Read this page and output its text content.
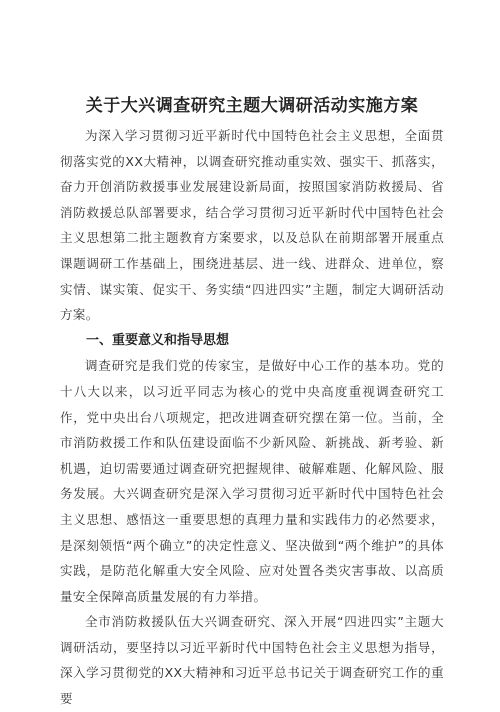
关于大兴调查研究主题大调研活动实施方案

为深入学习贯彻习近平新时代中国特色社会主义思想，全面贯彻落实党的XX大精神，以调查研究推动重实效、强实干、抓落实，奋力开创消防救援事业发展建设新局面，按照国家消防救援局、省消防救援总队部署要求，结合学习贯彻习近平新时代中国特色社会主义思想第二批主题教育方案要求，以及总队在前期部署开展重点课题调研工作基础上，围绕进基层、进一线、进群众、进单位，察实情、谋实策、促实干、务实绩“四进四实”主题，制定大调研活动方案。

一、重要意义和指导思想

调查研究是我们党的传家宝，是做好中心工作的基本功。党的十八大以来，以习近平同志为核心的党中央高度重视调查研究工作，党中央出台八项规定，把改进调查研究摆在第一位。当前，全市消防救援工作和队伍建设面临不少新风险、新挑战、新考验、新机遇，迫切需要通过调查研究把握规律、破解难题、化解风险、服务发展。大兴调查研究是深入学习贯彻习近平新时代中国特色社会主义思想、感悟这一重要思想的真理力量和实践伟力的必然要求，是深刻领悟“两个确立”的决定性意义、坚决做到“两个维护”的具体实践，是防范化解重大安全风险、应对处置各类灾害事故、以高质量安全保障高质量发展的有力举措。

全市消防救援队伍大兴调查研究、深入开展“四进四实”主题大调研活动，要坚持以习近平新时代中国特色社会主义思想为指导，深入学习贯彻党的XX大精神和习近平总书记关于调查研究工作的重要
